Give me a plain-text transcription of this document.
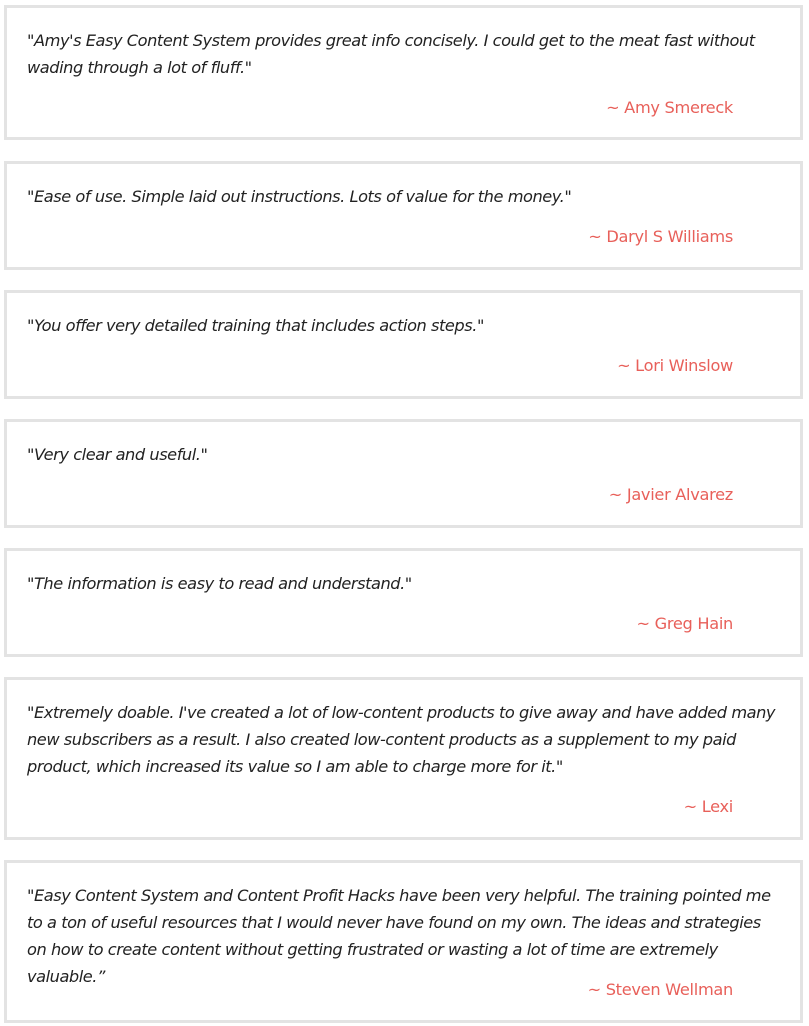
"Amy's Easy Content System provides great info concisely. I could get to the meat fast without wading through a lot of fluff."

~ Amy Smereck

"Ease of use. Simple laid out instructions. Lots of value for the money."

~ Daryl S Williams

"You offer very detailed training that includes action steps."

~ Lori Winslow

"Very clear and useful."

~ Javier Alvarez

"The information is easy to read and understand."

~ Greg Hain

"Extremely doable. I've created a lot of low-content products to give away and have added many new subscribers as a result. I also created low-content products as a supplement to my paid product, which increased its value so I am able to charge more for it."

~ Lexi

"Easy Content System and Content Profit Hacks have been very helpful. The training pointed me to a ton of useful resources that I would never have found on my own. The ideas and strategies on how to create content without getting frustrated or wasting a lot of time are extremely valuable.”

~ Steven Wellman
